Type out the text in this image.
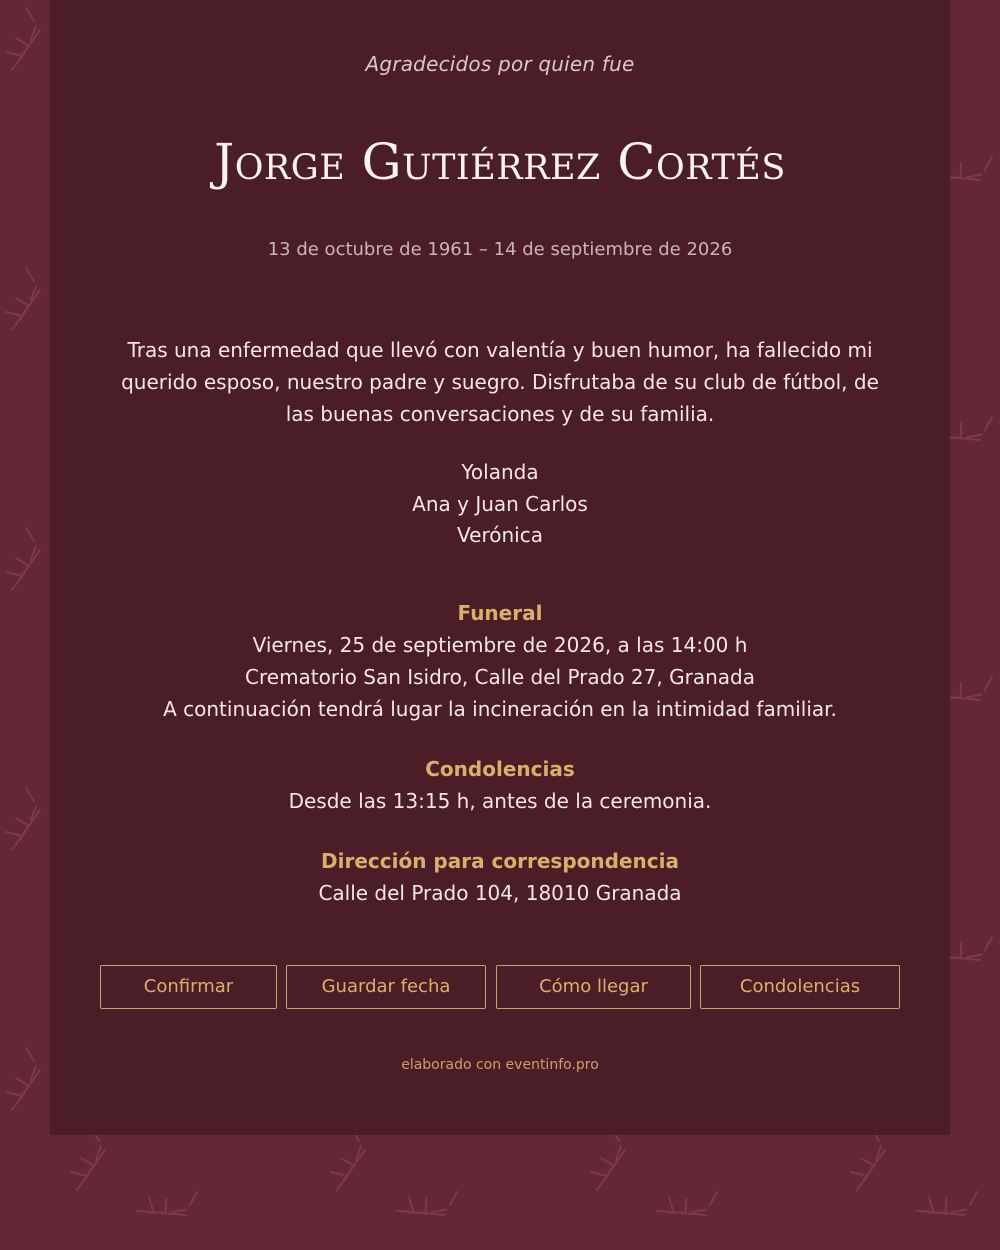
Agradecidos por quien fue
Jorge Gutiérrez Cortés
13 de octubre de 1961 – 14 de septiembre de 2026

Tras una enfermedad que llevó con valentía y buen humor, ha fallecido mi querido esposo, nuestro padre y suegro. Disfrutaba de su club de fútbol, de las buenas conversaciones y de su familia.

Yolanda
Ana y Juan Carlos
Verónica
Funeral
Viernes, 25 de septiembre de 2026, a las 14:00 h
Crematorio San Isidro, Calle del Prado 27, Granada
A continuación tendrá lugar la incineración en la intimidad familiar.
Condolencias
Desde las 13:15 h, antes de la ceremonia.
Dirección para correspondencia
Calle del Prado 104, 18010 Granada
Confirmar	Guardar fecha	Cómo llegar	Condolencias
elaborado con eventinfo.pro
